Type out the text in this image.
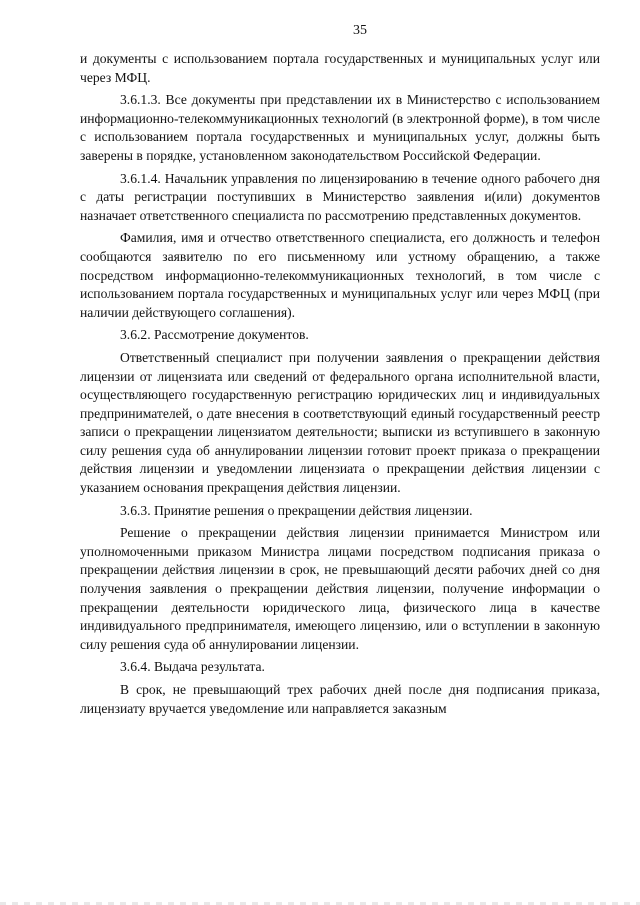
35

и документы с использованием портала государственных и муниципальных услуг или через МФЦ.

3.6.1.3. Все документы при представлении их в Министерство с использованием информационно-телекоммуникационных технологий (в электронной форме), в том числе с использованием портала государственных и муниципальных услуг, должны быть заверены в порядке, установленном законодательством Российской Федерации.

3.6.1.4. Начальник управления по лицензированию в течение одного рабочего дня с даты регистрации поступивших в Министерство заявления и(или) документов назначает ответственного специалиста по рассмотрению представленных документов.

Фамилия, имя и отчество ответственного специалиста, его должность и телефон сообщаются заявителю по его письменному или устному обращению, а также посредством информационно-телекоммуникационных технологий, в том числе с использованием портала государственных и муниципальных услуг или через МФЦ (при наличии действующего соглашения).

3.6.2. Рассмотрение документов.

Ответственный специалист при получении заявления о прекращении действия лицензии от лицензиата или сведений от федерального органа исполнительной власти, осуществляющего государственную регистрацию юридических лиц и индивидуальных предпринимателей, о дате внесения в соответствующий единый государственный реестр записи о прекращении лицензиатом деятельности; выписки из вступившего в законную силу решения суда об аннулировании лицензии готовит проект приказа о прекращении действия лицензии и уведомлении лицензиата о прекращении действия лицензии с указанием основания прекращения действия лицензии.

3.6.3. Принятие решения о прекращении действия лицензии.

Решение о прекращении действия лицензии принимается Министром или уполномоченными приказом Министра лицами посредством подписания приказа о прекращении действия лицензии в срок, не превышающий десяти рабочих дней со дня получения заявления о прекращении действия лицензии, получение информации о прекращении деятельности юридического лица, физического лица в качестве индивидуального предпринимателя, имеющего лицензию, или о вступлении в законную силу решения суда об аннулировании лицензии.

3.6.4. Выдача результата.

В срок, не превышающий трех рабочих дней после дня подписания приказа, лицензиату вручается уведомление или направляется заказным
